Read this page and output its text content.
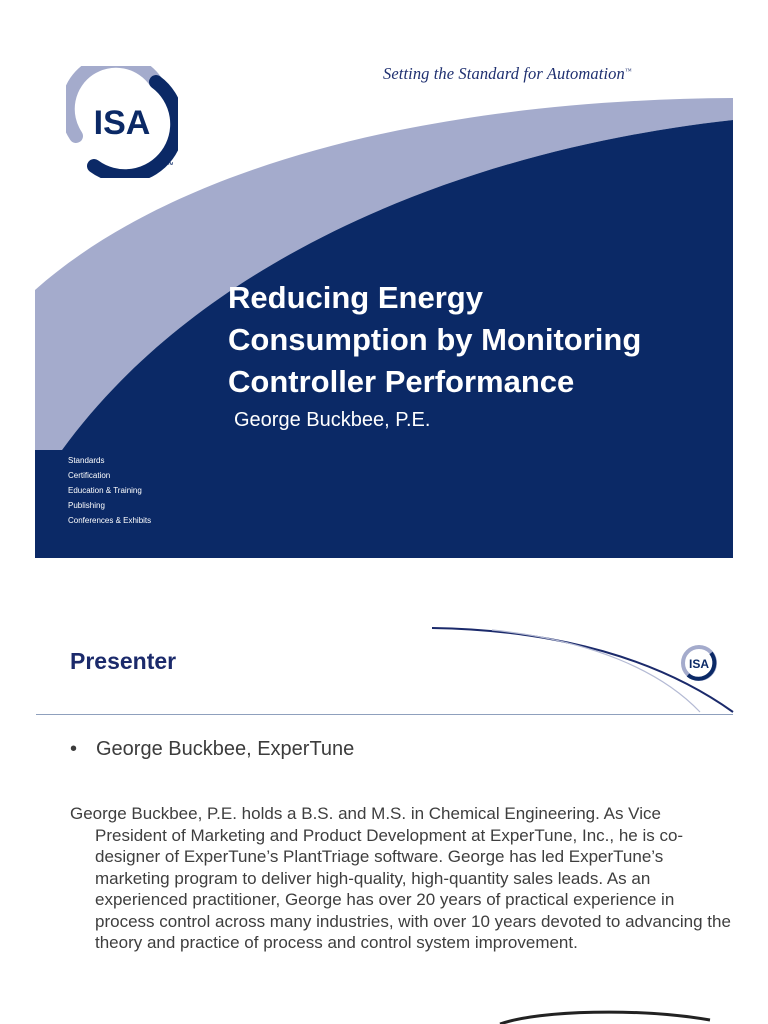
Setting the Standard for Automation™
ISA
™
Reducing Energy
Consumption by Monitoring
Controller Performance
George Buckbee, P.E.
Standards
Certification
Education & Training
Publishing
Conferences & Exhibits
Presenter	ISA
• George Buckbee, ExperTune

George Buckbee, P.E. holds a B.S. and M.S. in Chemical Engineering. As Vice President of Marketing and Product Development at ExperTune, Inc., he is co-designer of ExperTune’s PlantTriage software. George has led ExperTune’s marketing program to deliver high-quality, high-quantity sales leads. As an experienced practitioner, George has over 20 years of practical experience in process control across many industries, with over 10 years devoted to advancing the theory and practice of process and control system improvement.
